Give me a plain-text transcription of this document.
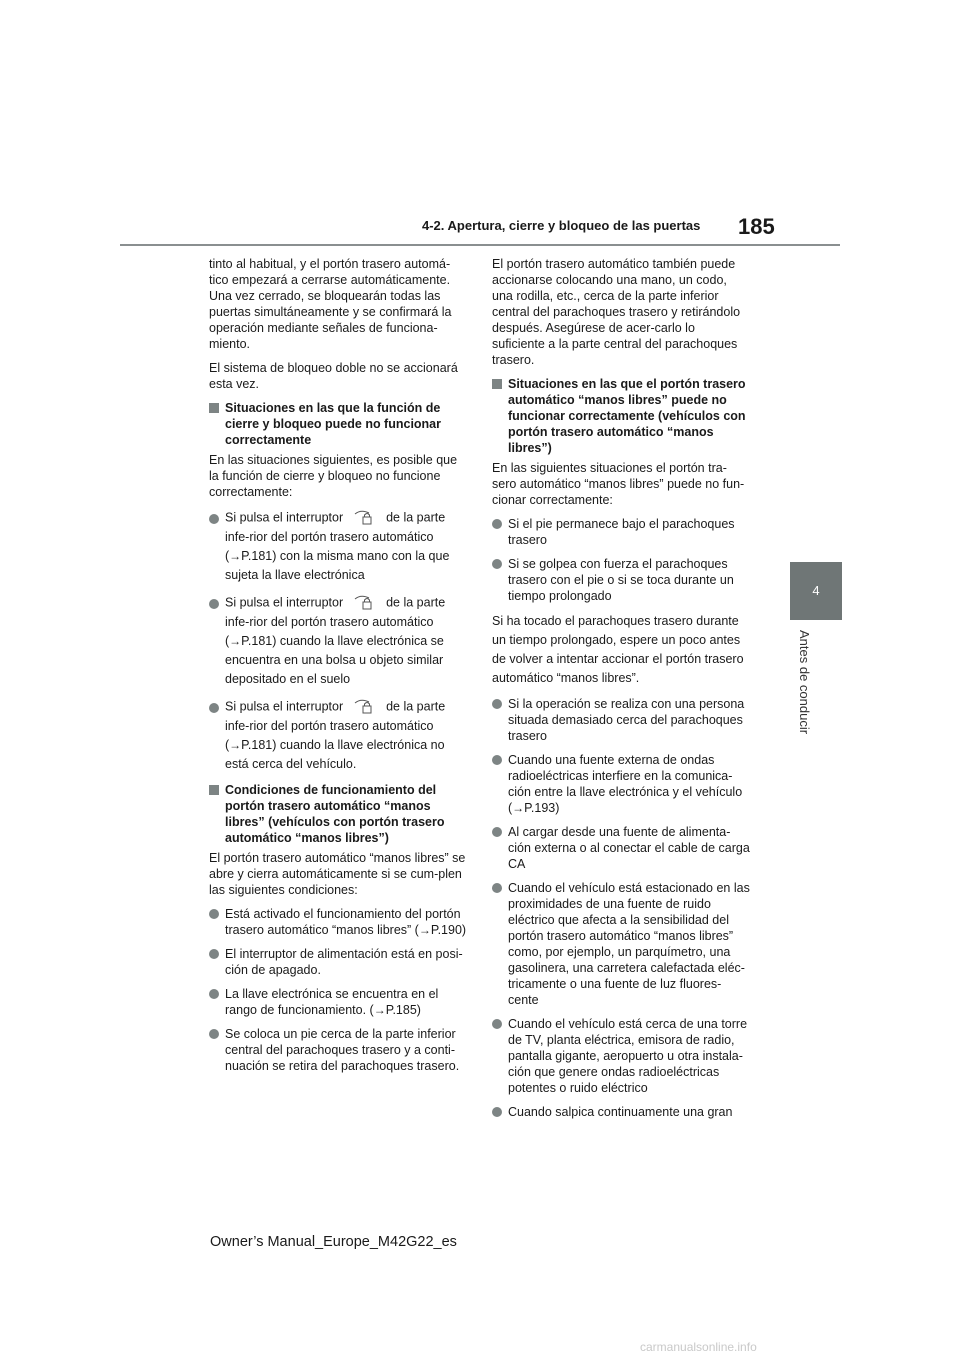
4-2. Apertura, cierre y bloqueo de las puertas 185
4
Antes de conducir

tinto al habitual, y el portón trasero automá-tico empezará a cerrarse automáticamente. Una vez cerrado, se bloquearán todas las puertas simultáneamente y se confirmará la operación mediante señales de funciona-miento.

El sistema de bloqueo doble no se accionará esta vez.

Situaciones en las que la función de cierre y bloqueo puede no funcionar correctamente

En las situaciones siguientes, es posible que la función de cierre y bloqueo no funcione correctamente:

Si pulsa el interruptor	de la parte infe-rior del portón trasero automático (→P.181) con la misma mano con la que sujeta la llave electrónica
Si pulsa el interruptor	de la parte infe-rior del portón trasero automático (→P.181) cuando la llave electrónica se encuentra en una bolsa u objeto similar depositado en el suelo
Si pulsa el interruptor	de la parte infe-rior del portón trasero automático (→P.181) cuando la llave electrónica no está cerca del vehículo.
Condiciones de funcionamiento del portón trasero automático “manos libres” (vehículos con portón trasero automático “manos libres”)

El portón trasero automático “manos libres” se abre y cierra automáticamente si se cum-plen las siguientes condiciones:

Está activado el funcionamiento del portón trasero automático “manos libres” (→P.190)
El interruptor de alimentación está en posi-ción de apagado.
La llave electrónica se encuentra en el rango de funcionamiento. (→P.185)
Se coloca un pie cerca de la parte inferior central del parachoques trasero y a conti-nuación se retira del parachoques trasero.

El portón trasero automático también puede accionarse colocando una mano, un codo, una rodilla, etc., cerca de la parte inferior central del parachoques trasero y retirándolo después. Asegúrese de acer-carlo lo suficiente a la parte central del parachoques trasero.

Situaciones en las que el portón trasero automático “manos libres” puede no funcionar correctamente (vehículos con portón trasero automático “manos libres”)

En las siguientes situaciones el portón tra-sero automático “manos libres” puede no fun-cionar correctamente:

Si el pie permanece bajo el parachoques trasero
Si se golpea con fuerza el parachoques trasero con el pie o si se toca durante un tiempo prolongado

Si ha tocado el parachoques trasero durante un tiempo prolongado, espere un poco antes de volver a intentar accionar el portón trasero automático “manos libres”.

Si la operación se realiza con una persona situada demasiado cerca del parachoques trasero
Cuando una fuente externa de ondas radioeléctricas interfiere en la comunica-ción entre la llave electrónica y el vehículo (→P.193)
Al cargar desde una fuente de alimenta-ción externa o al conectar el cable de carga CA
Cuando el vehículo está estacionado en las proximidades de una fuente de ruido eléctrico que afecta a la sensibilidad del portón trasero automático “manos libres” como, por ejemplo, un parquímetro, una gasolinera, una carretera calefactada eléc-tricamente o una fuente de luz fluores-cente
Cuando el vehículo está cerca de una torre de TV, planta eléctrica, emisora de radio, pantalla gigante, aeropuerto u otra instala-ción que genere ondas radioeléctricas potentes o ruido eléctrico
Cuando salpica continuamente una gran
Owner’s Manual_Europe_M42G22_es
carmanualsonline.info
